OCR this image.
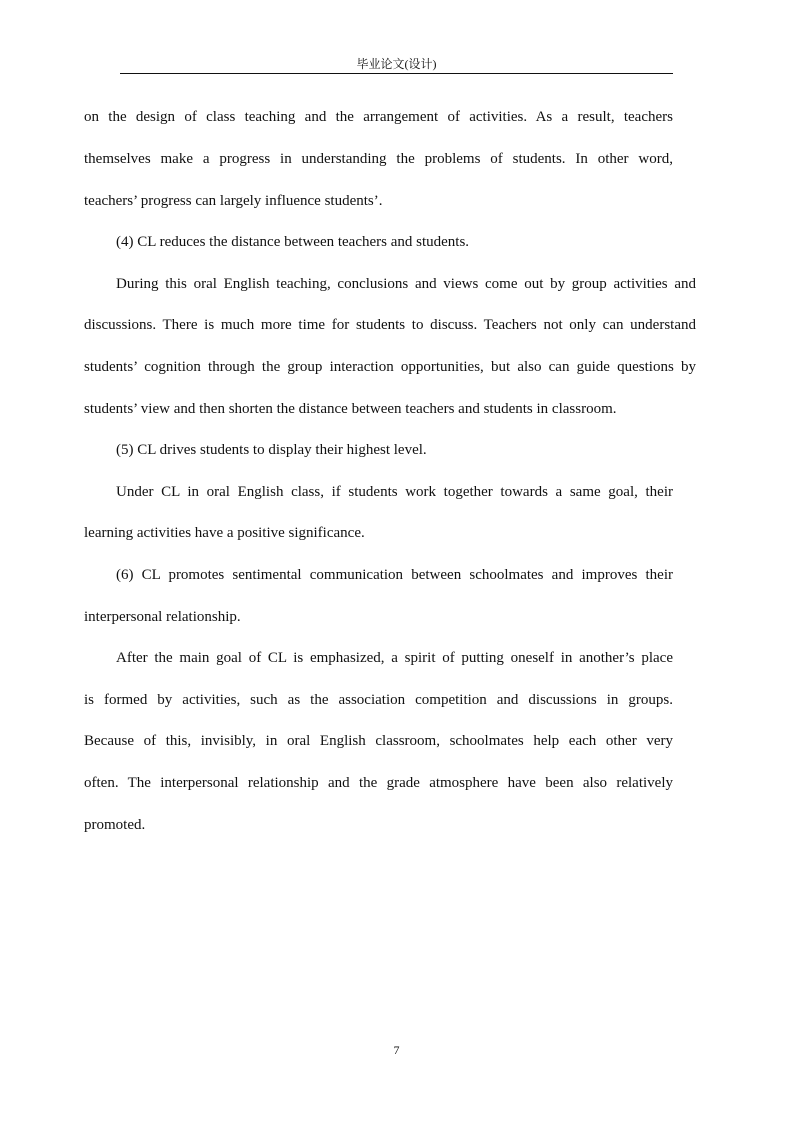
毕业论文(设计)
on the design of class teaching and the arrangement of activities. As a result, teachers
themselves make a progress in understanding the problems of students. In other word,
teachers’ progress can largely influence students’.
(4) CL reduces the distance between teachers and students.
During this oral English teaching, conclusions and views come out by group activities and
discussions. There is much more time for students to discuss. Teachers not only can understand
students’ cognition through the group interaction opportunities, but also can guide questions by
students’ view and then shorten the distance between teachers and students in classroom.
(5) CL drives students to display their highest level.
Under CL in oral English class, if students work together towards a same goal, their
learning activities have a positive significance.
(6) CL promotes sentimental communication between schoolmates and improves their
interpersonal relationship.
After the main goal of CL is emphasized, a spirit of putting oneself in another’s place
is formed by activities, such as the association competition and discussions in groups.
Because of this, invisibly, in oral English classroom, schoolmates help each other very
often. The interpersonal relationship and the grade atmosphere have been also relatively
promoted.
7
